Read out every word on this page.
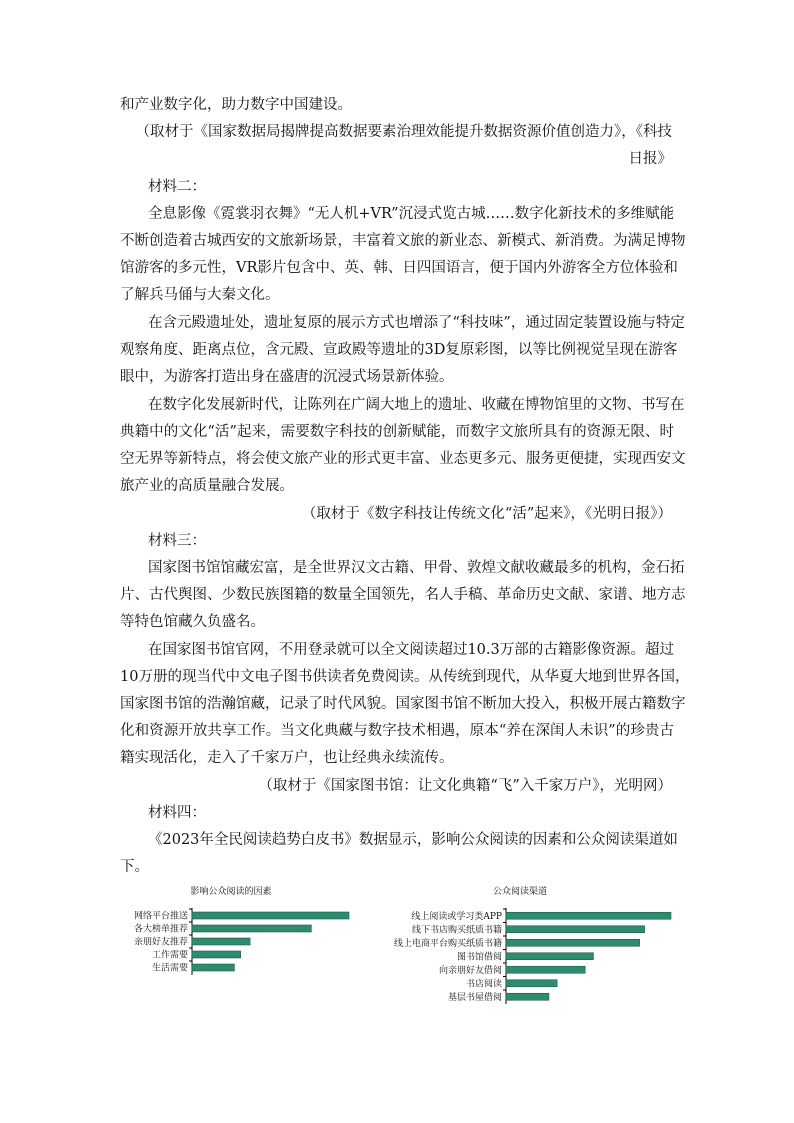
和产业数字化，助力数字中国建设。
（取材于《国家数据局揭牌提高数据要素治理效能提升数据资源价值创造力》，《科技
日报》
材料二：
全息影像《霓裳羽衣舞》“无人机+VR”沉浸式览古城……数字化新技术的多维赋能
不断创造着古城西安的文旅新场景，丰富着文旅的新业态、新模式、新消费。为满足博物
馆游客的多元性，VR影片包含中、英、韩、日四国语言，便于国内外游客全方位体验和
了解兵马俑与大秦文化。
在含元殿遗址处，遗址复原的展示方式也增添了“科技味”，通过固定装置设施与特定
观察角度、距离点位，含元殿、宣政殿等遗址的3D复原彩图，以等比例视觉呈现在游客
眼中，为游客打造出身在盛唐的沉浸式场景新体验。
在数字化发展新时代，让陈列在广阔大地上的遗址、收藏在博物馆里的文物、书写在
典籍中的文化“活”起来，需要数字科技的创新赋能，而数字文旅所具有的资源无限、时
空无界等新特点，将会使文旅产业的形式更丰富、业态更多元、服务更便捷，实现西安文
旅产业的高质量融合发展。
（取材于《数字科技让传统文化“活”起来》，《光明日报》）
材料三：
国家图书馆馆藏宏富，是全世界汉文古籍、甲骨、敦煌文献收藏最多的机构，金石拓
片、古代舆图、少数民族图籍的数量全国领先，名人手稿、革命历史文献、家谱、地方志
等特色馆藏久负盛名。
在国家图书馆官网，不用登录就可以全文阅读超过10.3万部的古籍影像资源。超过
10万册的现当代中文电子图书供读者免费阅读。从传统到现代，从华夏大地到世界各国，
国家图书馆的浩瀚馆藏，记录了时代风貌。国家图书馆不断加大投入，积极开展古籍数字
化和资源开放共享工作。当文化典藏与数字技术相遇，原本“养在深闺人未识”的珍贵古
籍实现活化，走入了千家万户，也让经典永续流传。
（取材于《国家图书馆：让文化典籍“飞”入千家万户》，光明网）
材料四：
《2023年全民阅读趋势白皮书》数据显示，影响公众阅读的因素和公众阅读渠道如
下。
影响公众阅读的因素
网络平台推送
各大榜单推荐
亲朋好友推荐
工作需要
生活需要
公众阅读渠道
线上阅读或学习类APP
线下书店购买纸质书籍
线上电商平台购买纸质书籍
图书馆借阅
向亲朋好友借阅
书店阅读
基层书屋借阅
